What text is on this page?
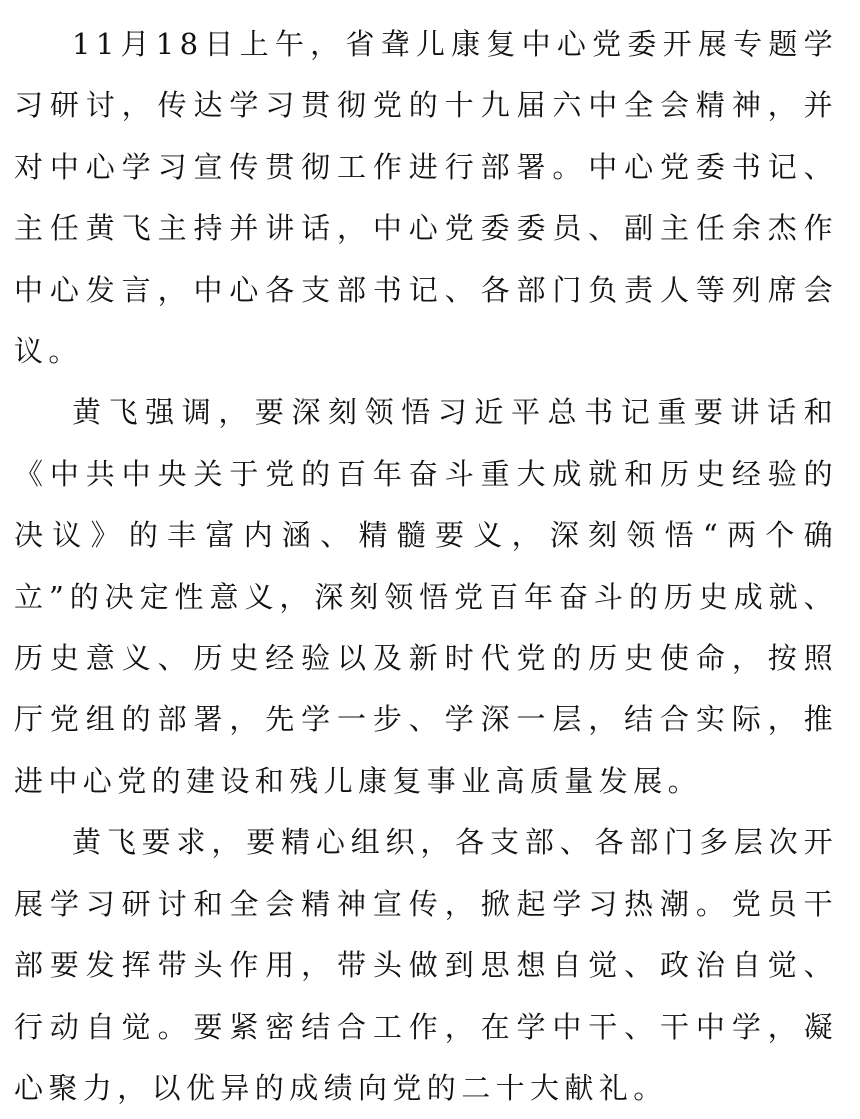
11月18日上午，省聋儿康复中心党委开展专题学习研讨，传达学习贯彻党的十九届六中全会精神，并对中心学习宣传贯彻工作进行部署。中心党委书记、主任黄飞主持并讲话，中心党委委员、副主任余杰作中心发言，中心各支部书记、各部门负责人等列席会议。

黄飞强调，要深刻领悟习近平总书记重要讲话和《中共中央关于党的百年奋斗重大成就和历史经验的决议》的丰富内涵、精髓要义，深刻领悟“两个确立”的决定性意义，深刻领悟党百年奋斗的历史成就、历史意义、历史经验以及新时代党的历史使命，按照厅党组的部署，先学一步、学深一层，结合实际，推进中心党的建设和残儿康复事业高质量发展。

黄飞要求，要精心组织，各支部、各部门多层次开展学习研讨和全会精神宣传，掀起学习热潮。党员干部要发挥带头作用，带头做到思想自觉、政治自觉、行动自觉。要紧密结合工作，在学中干、干中学，凝心聚力，以优异的成绩向党的二十大献礼。
